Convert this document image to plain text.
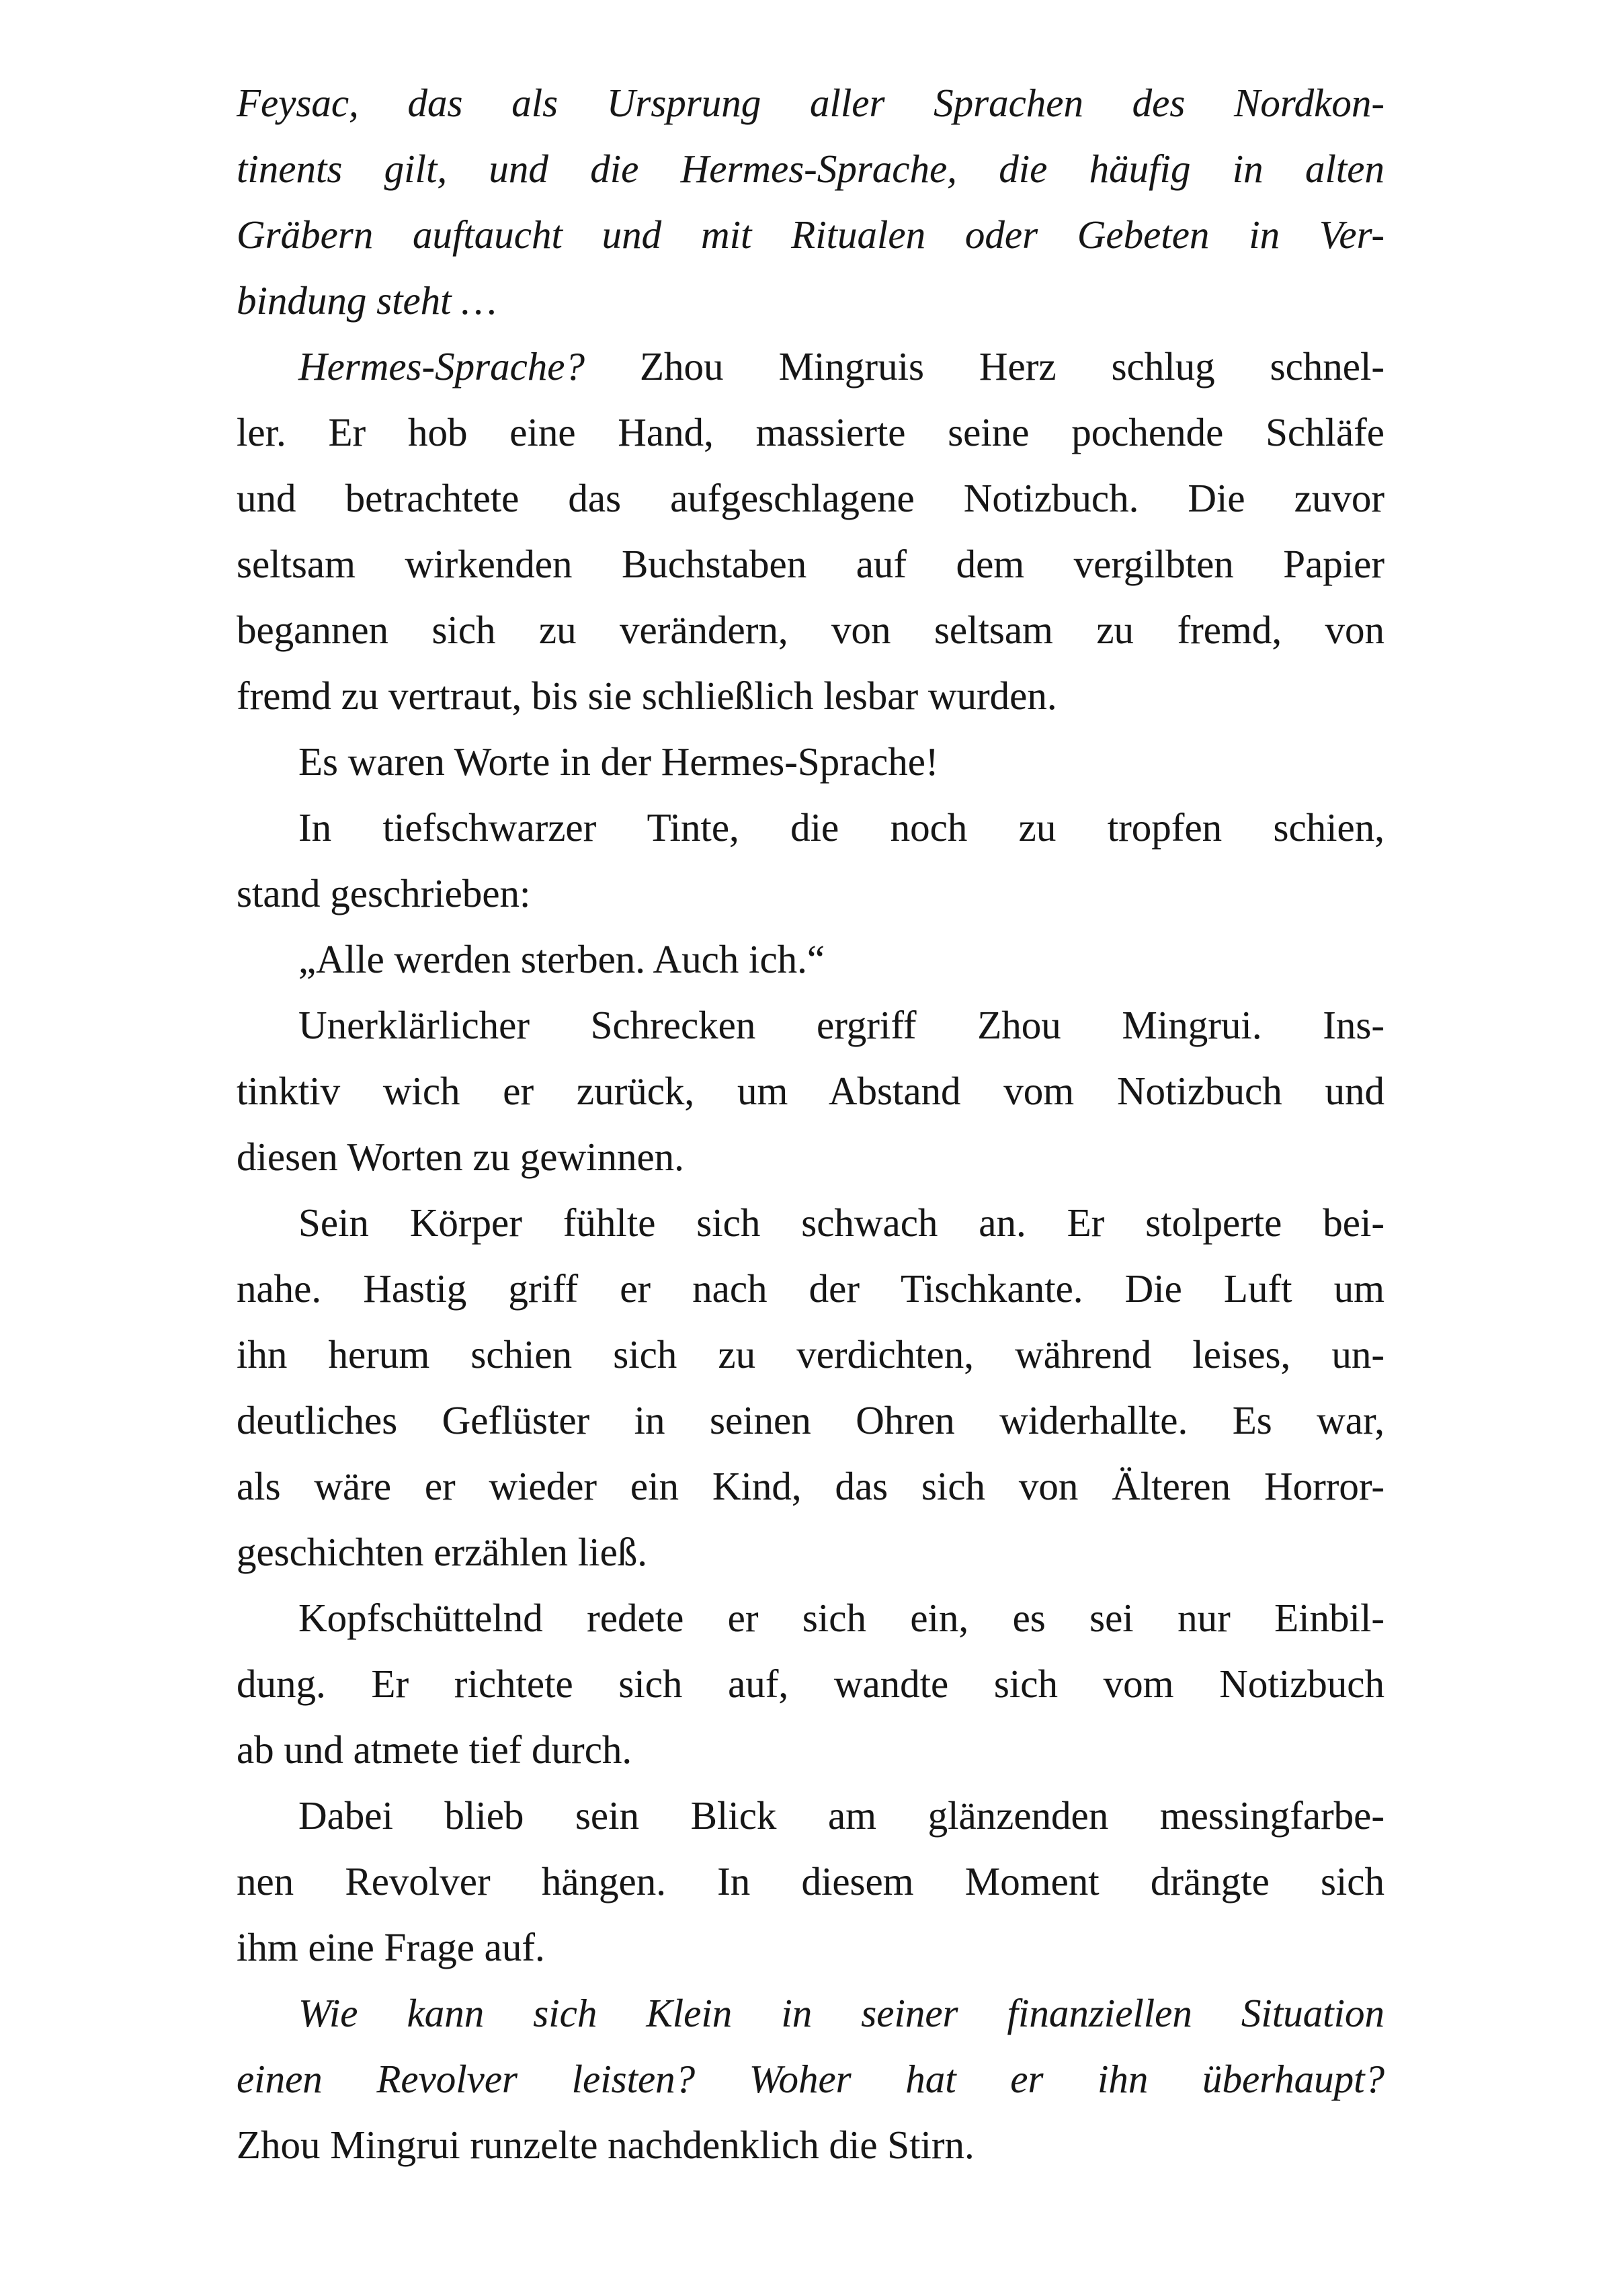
Feysac, das als Ursprung aller Sprachen des Nordkon-

tinents gilt, und die Hermes-Sprache, die häufig in alten

Gräbern auftaucht und mit Ritualen oder Gebeten in Ver-

bindung steht …

Hermes-Sprache? Zhou Mingruis Herz schlug schnel-

ler. Er hob eine Hand, massierte seine pochende Schläfe

und betrachtete das aufgeschlagene Notizbuch. Die zuvor

seltsam wirkenden Buchstaben auf dem vergilbten Papier

begannen sich zu verändern, von seltsam zu fremd, von

fremd zu vertraut, bis sie schließlich lesbar wurden.

Es waren Worte in der Hermes-Sprache!

In tiefschwarzer Tinte, die noch zu tropfen schien,

stand geschrieben:

„Alle werden sterben. Auch ich.“

Unerklärlicher Schrecken ergriff Zhou Mingrui. Ins-

tinktiv wich er zurück, um Abstand vom Notizbuch und

diesen Worten zu gewinnen.

Sein Körper fühlte sich schwach an. Er stolperte bei-

nahe. Hastig griff er nach der Tischkante. Die Luft um

ihn herum schien sich zu verdichten, während leises, un-

deutliches Geflüster in seinen Ohren widerhallte. Es war,

als wäre er wieder ein Kind, das sich von Älteren Horror-

geschichten erzählen ließ.

Kopfschüttelnd redete er sich ein, es sei nur Einbil-

dung. Er richtete sich auf, wandte sich vom Notizbuch

ab und atmete tief durch.

Dabei blieb sein Blick am glänzenden messingfarbe-

nen Revolver hängen. In diesem Moment drängte sich

ihm eine Frage auf.

Wie kann sich Klein in seiner finanziellen Situation

einen Revolver leisten? Woher hat er ihn überhaupt?

Zhou Mingrui runzelte nachdenklich die Stirn.
